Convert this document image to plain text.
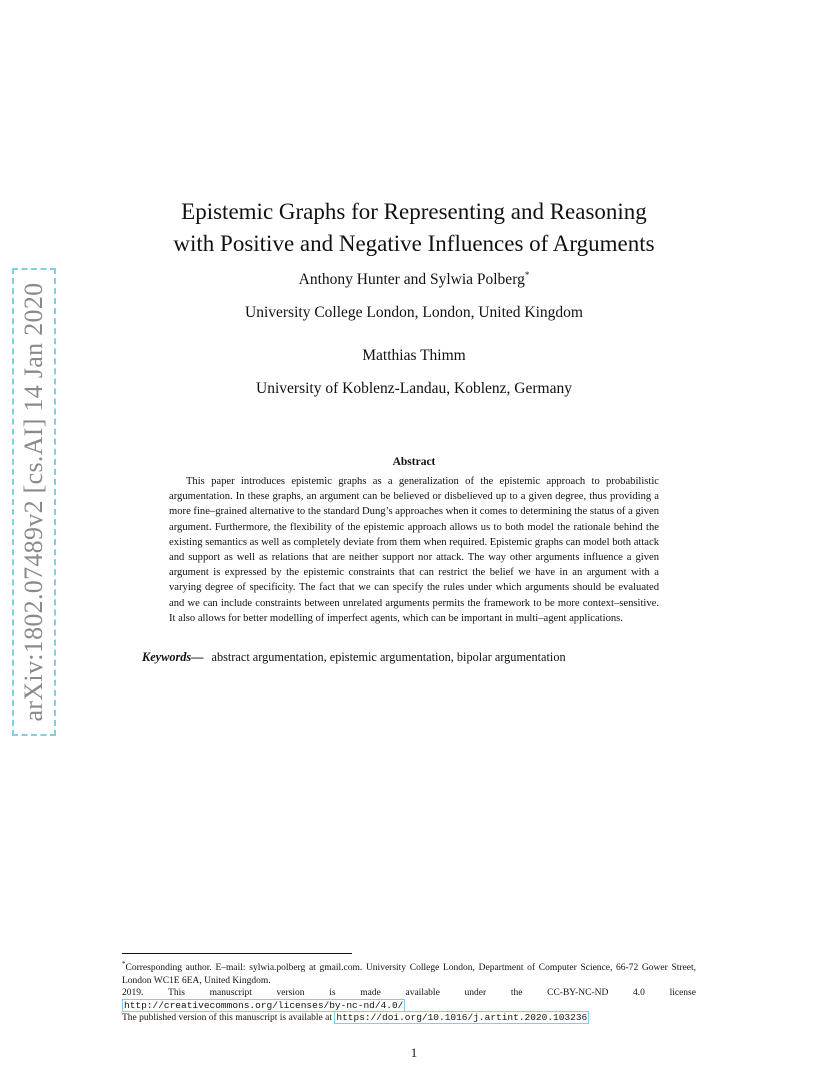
arXiv:1802.07489v2 [cs.AI] 14 Jan 2020
Epistemic Graphs for Representing and Reasoning
with Positive and Negative Influences of Arguments
Anthony Hunter and Sylwia Polberg*
University College London, London, United Kingdom
Matthias Thimm
University of Koblenz-Landau, Koblenz, Germany
Abstract
This paper introduces epistemic graphs as a generalization of the epistemic approach to probabilistic argumentation. In these graphs, an argument can be believed or disbelieved up to a given degree, thus providing a more fine–grained alternative to the standard Dung’s approaches when it comes to determining the status of a given argument. Furthermore, the flexibility of the epistemic approach allows us to both model the rationale behind the existing semantics as well as completely deviate from them when required. Epistemic graphs can model both attack and support as well as relations that are neither support nor attack. The way other arguments influence a given argument is expressed by the epistemic constraints that can restrict the belief we have in an argument with a varying degree of specificity. The fact that we can specify the rules under which arguments should be evaluated and we can include constraints between unrelated arguments permits the framework to be more context–sensitive. It also allows for better modelling of imperfect agents, which can be important in multi–agent applications.
Keywords— abstract argumentation, epistemic argumentation, bipolar argumentation
*Corresponding author. E–mail: sylwia.polberg at gmail.com. University College London, Department of Computer Science, 66-72 Gower Street, London WC1E 6EA, United Kingdom.
2019.	This	manuscript	version	is	made	available	under	the	CC-BY-NC-ND	4.0	license
http://creativecommons.org/licenses/by-nc-nd/4.0/
The published version of this manuscript is available at https://doi.org/10.1016/j.artint.2020.103236
1
